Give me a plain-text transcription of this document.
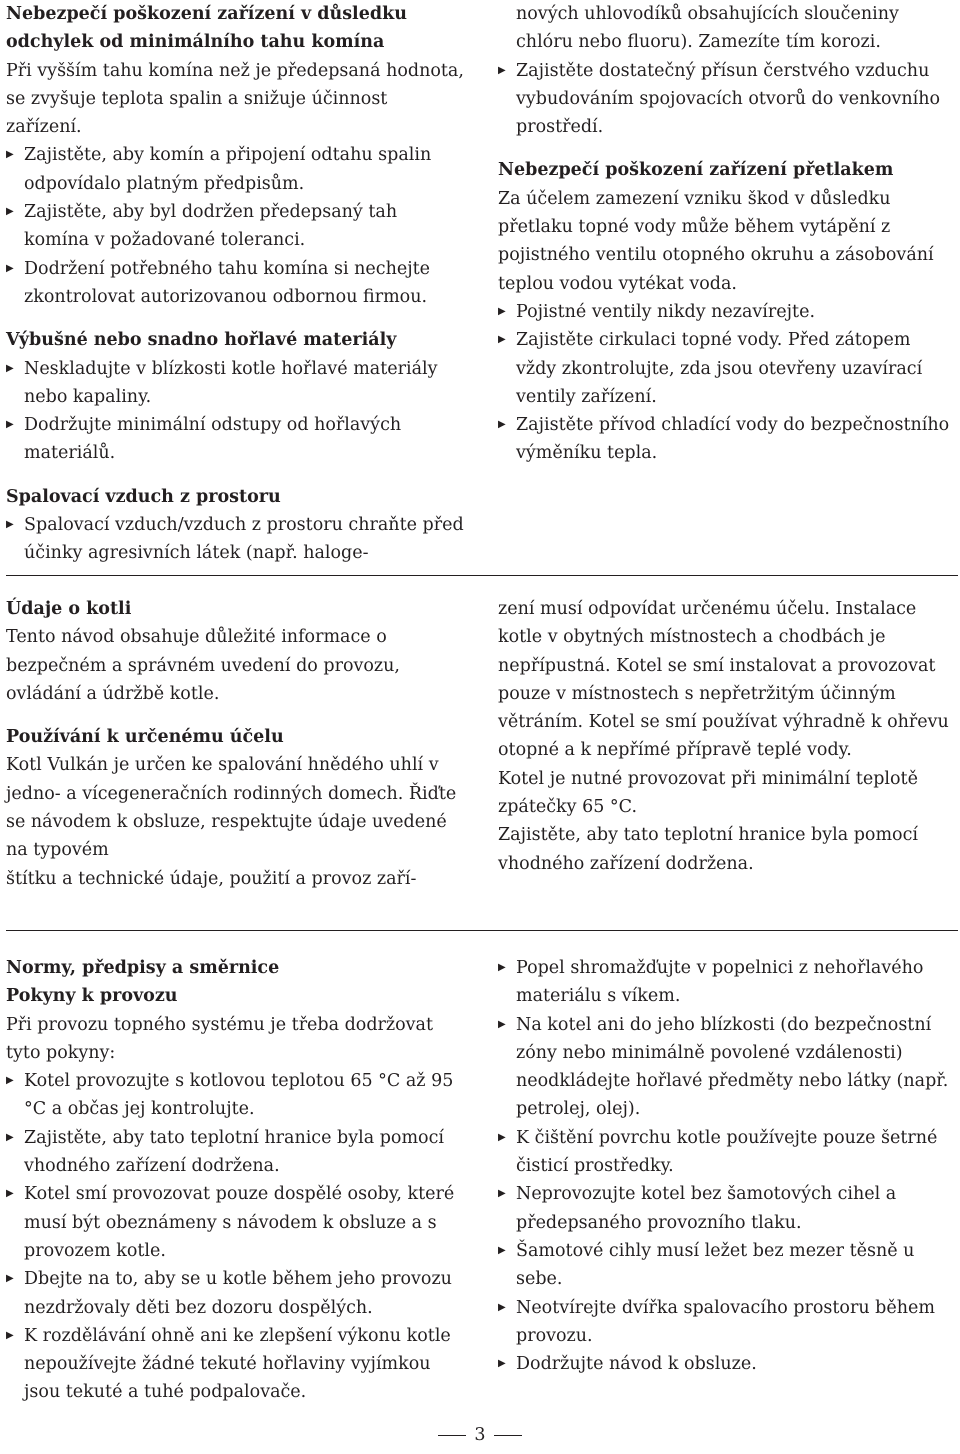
Nebezpečí poškození zařízení v důsledku odchylek od minimálního tahu komína

Při vyšším tahu komína než je předepsaná hodnota, se zvyšuje teplota spalin a snižuje účinnost zařízení.

▶ Zajistěte, aby komín a připojení odtahu spalin odpovídalo platným předpisům.

▶ Zajistěte, aby byl dodržen předepsaný tah komína v požadované toleranci.

▶ Dodržení potřebného tahu komína si nechejte zkontrolovat autorizovanou odbornou firmou.

Výbušné nebo snadno hořlavé materiály

▶ Neskladujte v blízkosti kotle hořlavé materiály nebo kapaliny.

▶ Dodržujte minimální odstupy od hořlavých materiálů.

Spalovací vzduch z prostoru

▶ Spalovací vzduch/vzduch z prostoru chraňte před účinky agresivních látek (např. haloge-

nových uhlovodíků obsahujících sloučeniny chlóru nebo fluoru). Zamezíte tím korozi.

▶ Zajistěte dostatečný přísun čerstvého vzduchu vybudováním spojovacích otvorů do venkovního prostředí.

Nebezpečí poškození zařízení přetlakem

Za účelem zamezení vzniku škod v důsledku přetlaku topné vody může během vytápění z pojistného ventilu otopného okruhu a zásobování teplou vodou vytékat voda.

▶ Pojistné ventily nikdy nezavírejte.

▶ Zajistěte cirkulaci topné vody. Před zátopem vždy zkontrolujte, zda jsou otevřeny uzavírací ventily zařízení.

▶ Zajistěte přívod chladící vody do bezpečnostního výměníku tepla.

Údaje o kotli

Tento návod obsahuje důležité informace o bezpečném a správném uvedení do provozu, ovládání a údržbě kotle.

Používání k určenému účelu

Kotl Vulkán je určen ke spalování hnědého uhlí v jedno- a vícegeneračních rodinných domech. Řiďte se návodem k obsluze, respektujte údaje uvedené na typovém

štítku a technické údaje, použití a provoz zaří-

zení musí odpovídat určenému účelu. Instalace kotle v obytných místnostech a chodbách je nepřípustná. Kotel se smí instalovat a provozovat pouze v místnostech s nepřetržitým účinným větráním. Kotel se smí používat výhradně k ohřevu otopné a k nepřímé přípravě teplé vody.

Kotel je nutné provozovat při minimální teplotě zpátečky 65 °C.

Zajistěte, aby tato teplotní hranice byla pomocí vhodného zařízení dodržena.

Normy, předpisy a směrnice

Pokyny k provozu

Při provozu topného systému je třeba dodržovat tyto pokyny:

▶ Kotel provozujte s kotlovou teplotou 65 °C až 95 °C a občas jej kontrolujte.

▶ Zajistěte, aby tato teplotní hranice byla pomocí vhodného zařízení dodržena.

▶ Kotel smí provozovat pouze dospělé osoby, které musí být obeznámeny s návodem k obsluze a s provozem kotle.

▶ Dbejte na to, aby se u kotle během jeho provozu nezdržovaly děti bez dozoru dospělých.

▶ K rozdělávání ohně ani ke zlepšení výkonu kotle nepoužívejte žádné tekuté hořlaviny vyjímkou jsou tekuté a tuhé podpalovače.

▶ Popel shromažďujte v popelnici z nehořlavého materiálu s víkem.

▶ Na kotel ani do jeho blízkosti (do bezpečnostní zóny nebo minimálně povolené vzdálenosti) neodkládejte hořlavé předměty nebo látky (např. petrolej, olej).

▶ K čištění povrchu kotle používejte pouze šetrné čisticí prostředky.

▶ Neprovozujte kotel bez šamotových cihel a předepsaného provozního tlaku.

▶ Šamotové cihly musí ležet bez mezer těsně u sebe.

▶ Neotvírejte dvířka spalovacího prostoru během provozu.

▶ Dodržujte návod k obsluze.

3
